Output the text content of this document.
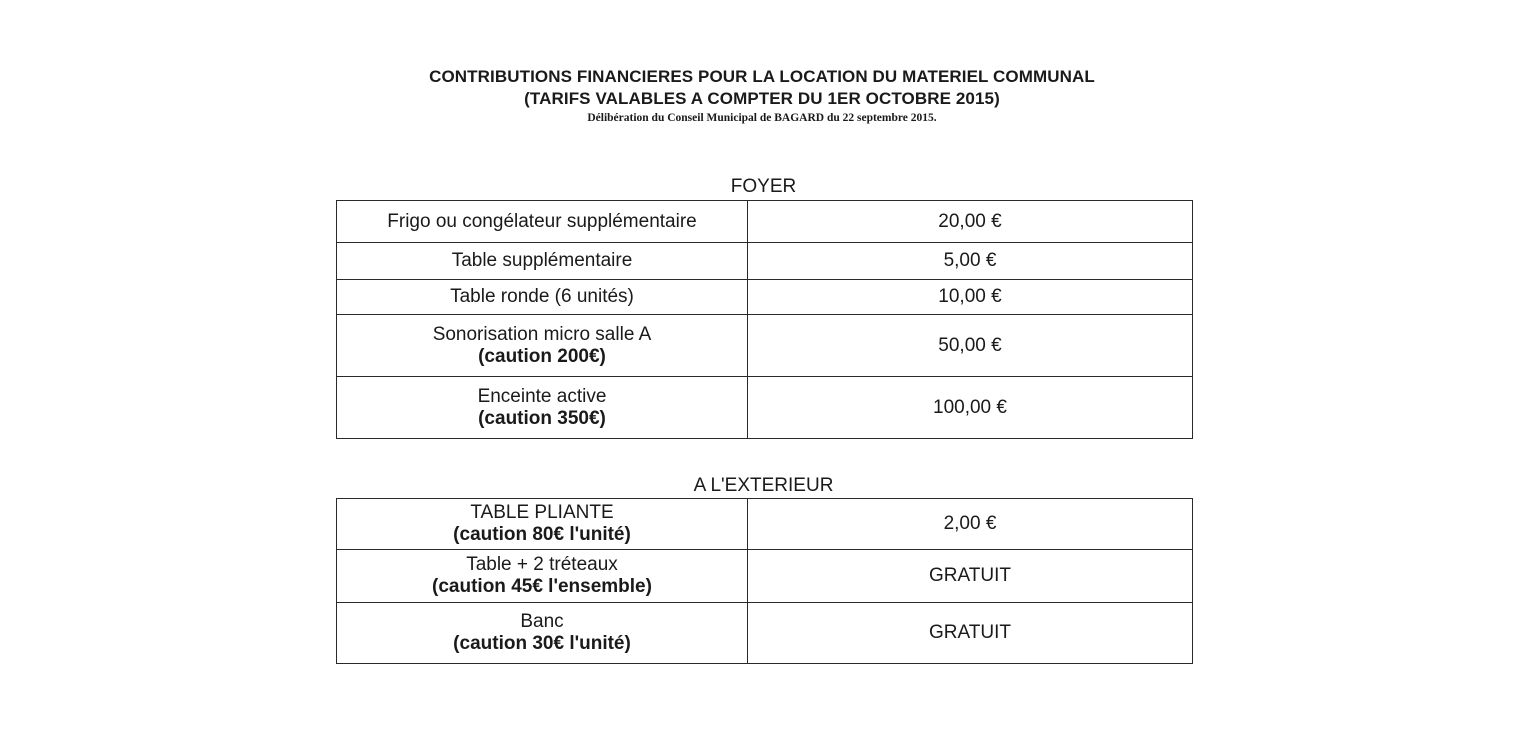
CONTRIBUTIONS FINANCIERES POUR LA LOCATION DU MATERIEL COMMUNAL
(TARIFS VALABLES A COMPTER DU 1ER OCTOBRE 2015)
Délibération du Conseil Municipal de BAGARD du 22 septembre 2015.
FOYER
Frigo ou congélateur supplémentaire	20,00 €
Table supplémentaire	5,00 €
Table ronde (6 unités)	10,00 €
Sonorisation micro salle A
(caution 200€)	50,00 €
Enceinte active
(caution 350€)	100,00 €
A L'EXTERIEUR
TABLE PLIANTE
(caution 80€ l'unité)	2,00 €
Table + 2 tréteaux
(caution 45€ l'ensemble)	GRATUIT
Banc
(caution 30€ l'unité)	GRATUIT
